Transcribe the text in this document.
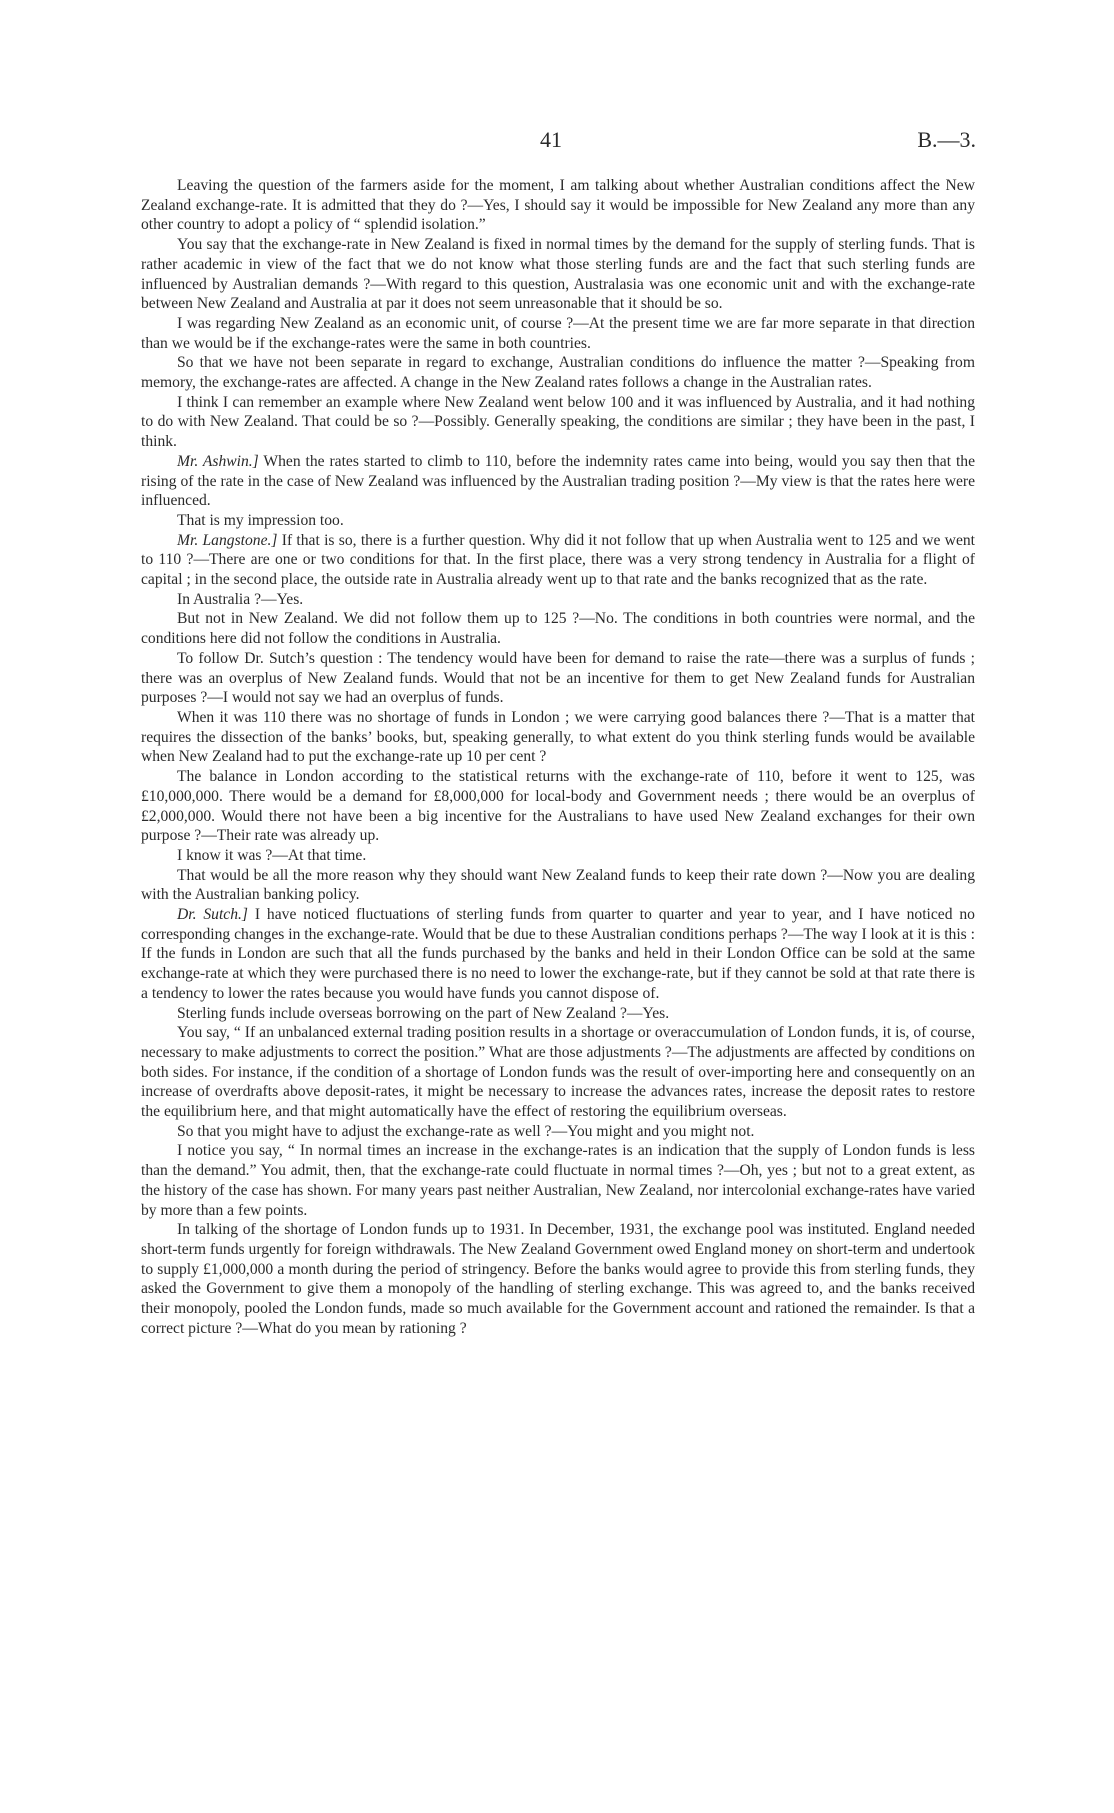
41	B.—3.

Leaving the question of the farmers aside for the moment, I am talking about whether Australian conditions affect the New Zealand exchange-rate. It is admitted that they do ?—Yes, I should say it would be impossible for New Zealand any more than any other country to adopt a policy of “ splendid isolation.”

You say that the exchange-rate in New Zealand is fixed in normal times by the demand for the supply of sterling funds. That is rather academic in view of the fact that we do not know what those sterling funds are and the fact that such sterling funds are influenced by Australian demands ?—With regard to this question, Australasia was one economic unit and with the exchange-rate between New Zealand and Australia at par it does not seem unreasonable that it should be so.

I was regarding New Zealand as an economic unit, of course ?—At the present time we are far more separate in that direction than we would be if the exchange-rates were the same in both countries.

So that we have not been separate in regard to exchange, Australian conditions do influence the matter ?—Speaking from memory, the exchange-rates are affected. A change in the New Zealand rates follows a change in the Australian rates.

I think I can remember an example where New Zealand went below 100 and it was influenced by Australia, and it had nothing to do with New Zealand. That could be so ?—Possibly. Generally speaking, the conditions are similar ; they have been in the past, I think.

Mr. Ashwin.] When the rates started to climb to 110, before the indemnity rates came into being, would you say then that the rising of the rate in the case of New Zealand was influenced by the Australian trading position ?—My view is that the rates here were influenced.

That is my impression too.

Mr. Langstone.] If that is so, there is a further question. Why did it not follow that up when Australia went to 125 and we went to 110 ?—There are one or two conditions for that. In the first place, there was a very strong tendency in Australia for a flight of capital ; in the second place, the outside rate in Australia already went up to that rate and the banks recognized that as the rate.

In Australia ?—Yes.

But not in New Zealand. We did not follow them up to 125 ?—No. The conditions in both countries were normal, and the conditions here did not follow the conditions in Australia.

To follow Dr. Sutch’s question : The tendency would have been for demand to raise the rate—there was a surplus of funds ; there was an overplus of New Zealand funds. Would that not be an incentive for them to get New Zealand funds for Australian purposes ?—I would not say we had an overplus of funds.

When it was 110 there was no shortage of funds in London ; we were carrying good balances there ?—That is a matter that requires the dissection of the banks’ books, but, speaking generally, to what extent do you think sterling funds would be available when New Zealand had to put the exchange-rate up 10 per cent ?

The balance in London according to the statistical returns with the exchange-rate of 110, before it went to 125, was £10,000,000. There would be a demand for £8,000,000 for local-body and Government needs ; there would be an overplus of £2,000,000. Would there not have been a big incentive for the Australians to have used New Zealand exchanges for their own purpose ?—Their rate was already up.

I know it was ?—At that time.

That would be all the more reason why they should want New Zealand funds to keep their rate down ?—Now you are dealing with the Australian banking policy.

Dr. Sutch.] I have noticed fluctuations of sterling funds from quarter to quarter and year to year, and I have noticed no corresponding changes in the exchange-rate. Would that be due to these Australian conditions perhaps ?—The way I look at it is this : If the funds in London are such that all the funds purchased by the banks and held in their London Office can be sold at the same exchange-rate at which they were purchased there is no need to lower the exchange-rate, but if they cannot be sold at that rate there is a tendency to lower the rates because you would have funds you cannot dispose of.

Sterling funds include overseas borrowing on the part of New Zealand ?—Yes.

You say, “ If an unbalanced external trading position results in a shortage or overaccumulation of London funds, it is, of course, necessary to make adjustments to correct the position.” What are those adjustments ?—The adjustments are affected by conditions on both sides. For instance, if the condition of a shortage of London funds was the result of over-importing here and consequently on an increase of overdrafts above deposit-rates, it might be necessary to increase the advances rates, increase the deposit rates to restore the equilibrium here, and that might automatically have the effect of restoring the equilibrium overseas.

So that you might have to adjust the exchange-rate as well ?—You might and you might not.

I notice you say, “ In normal times an increase in the exchange-rates is an indication that the supply of London funds is less than the demand.” You admit, then, that the exchange-rate could fluctuate in normal times ?—Oh, yes ; but not to a great extent, as the history of the case has shown. For many years past neither Australian, New Zealand, nor intercolonial exchange-rates have varied by more than a few points.

In talking of the shortage of London funds up to 1931. In December, 1931, the exchange pool was instituted. England needed short-term funds urgently for foreign withdrawals. The New Zealand Government owed England money on short-term and undertook to supply £1,000,000 a month during the period of stringency. Before the banks would agree to provide this from sterling funds, they asked the Government to give them a monopoly of the handling of sterling exchange. This was agreed to, and the banks received their monopoly, pooled the London funds, made so much available for the Government account and rationed the remainder. Is that a correct picture ?—What do you mean by rationing ?
